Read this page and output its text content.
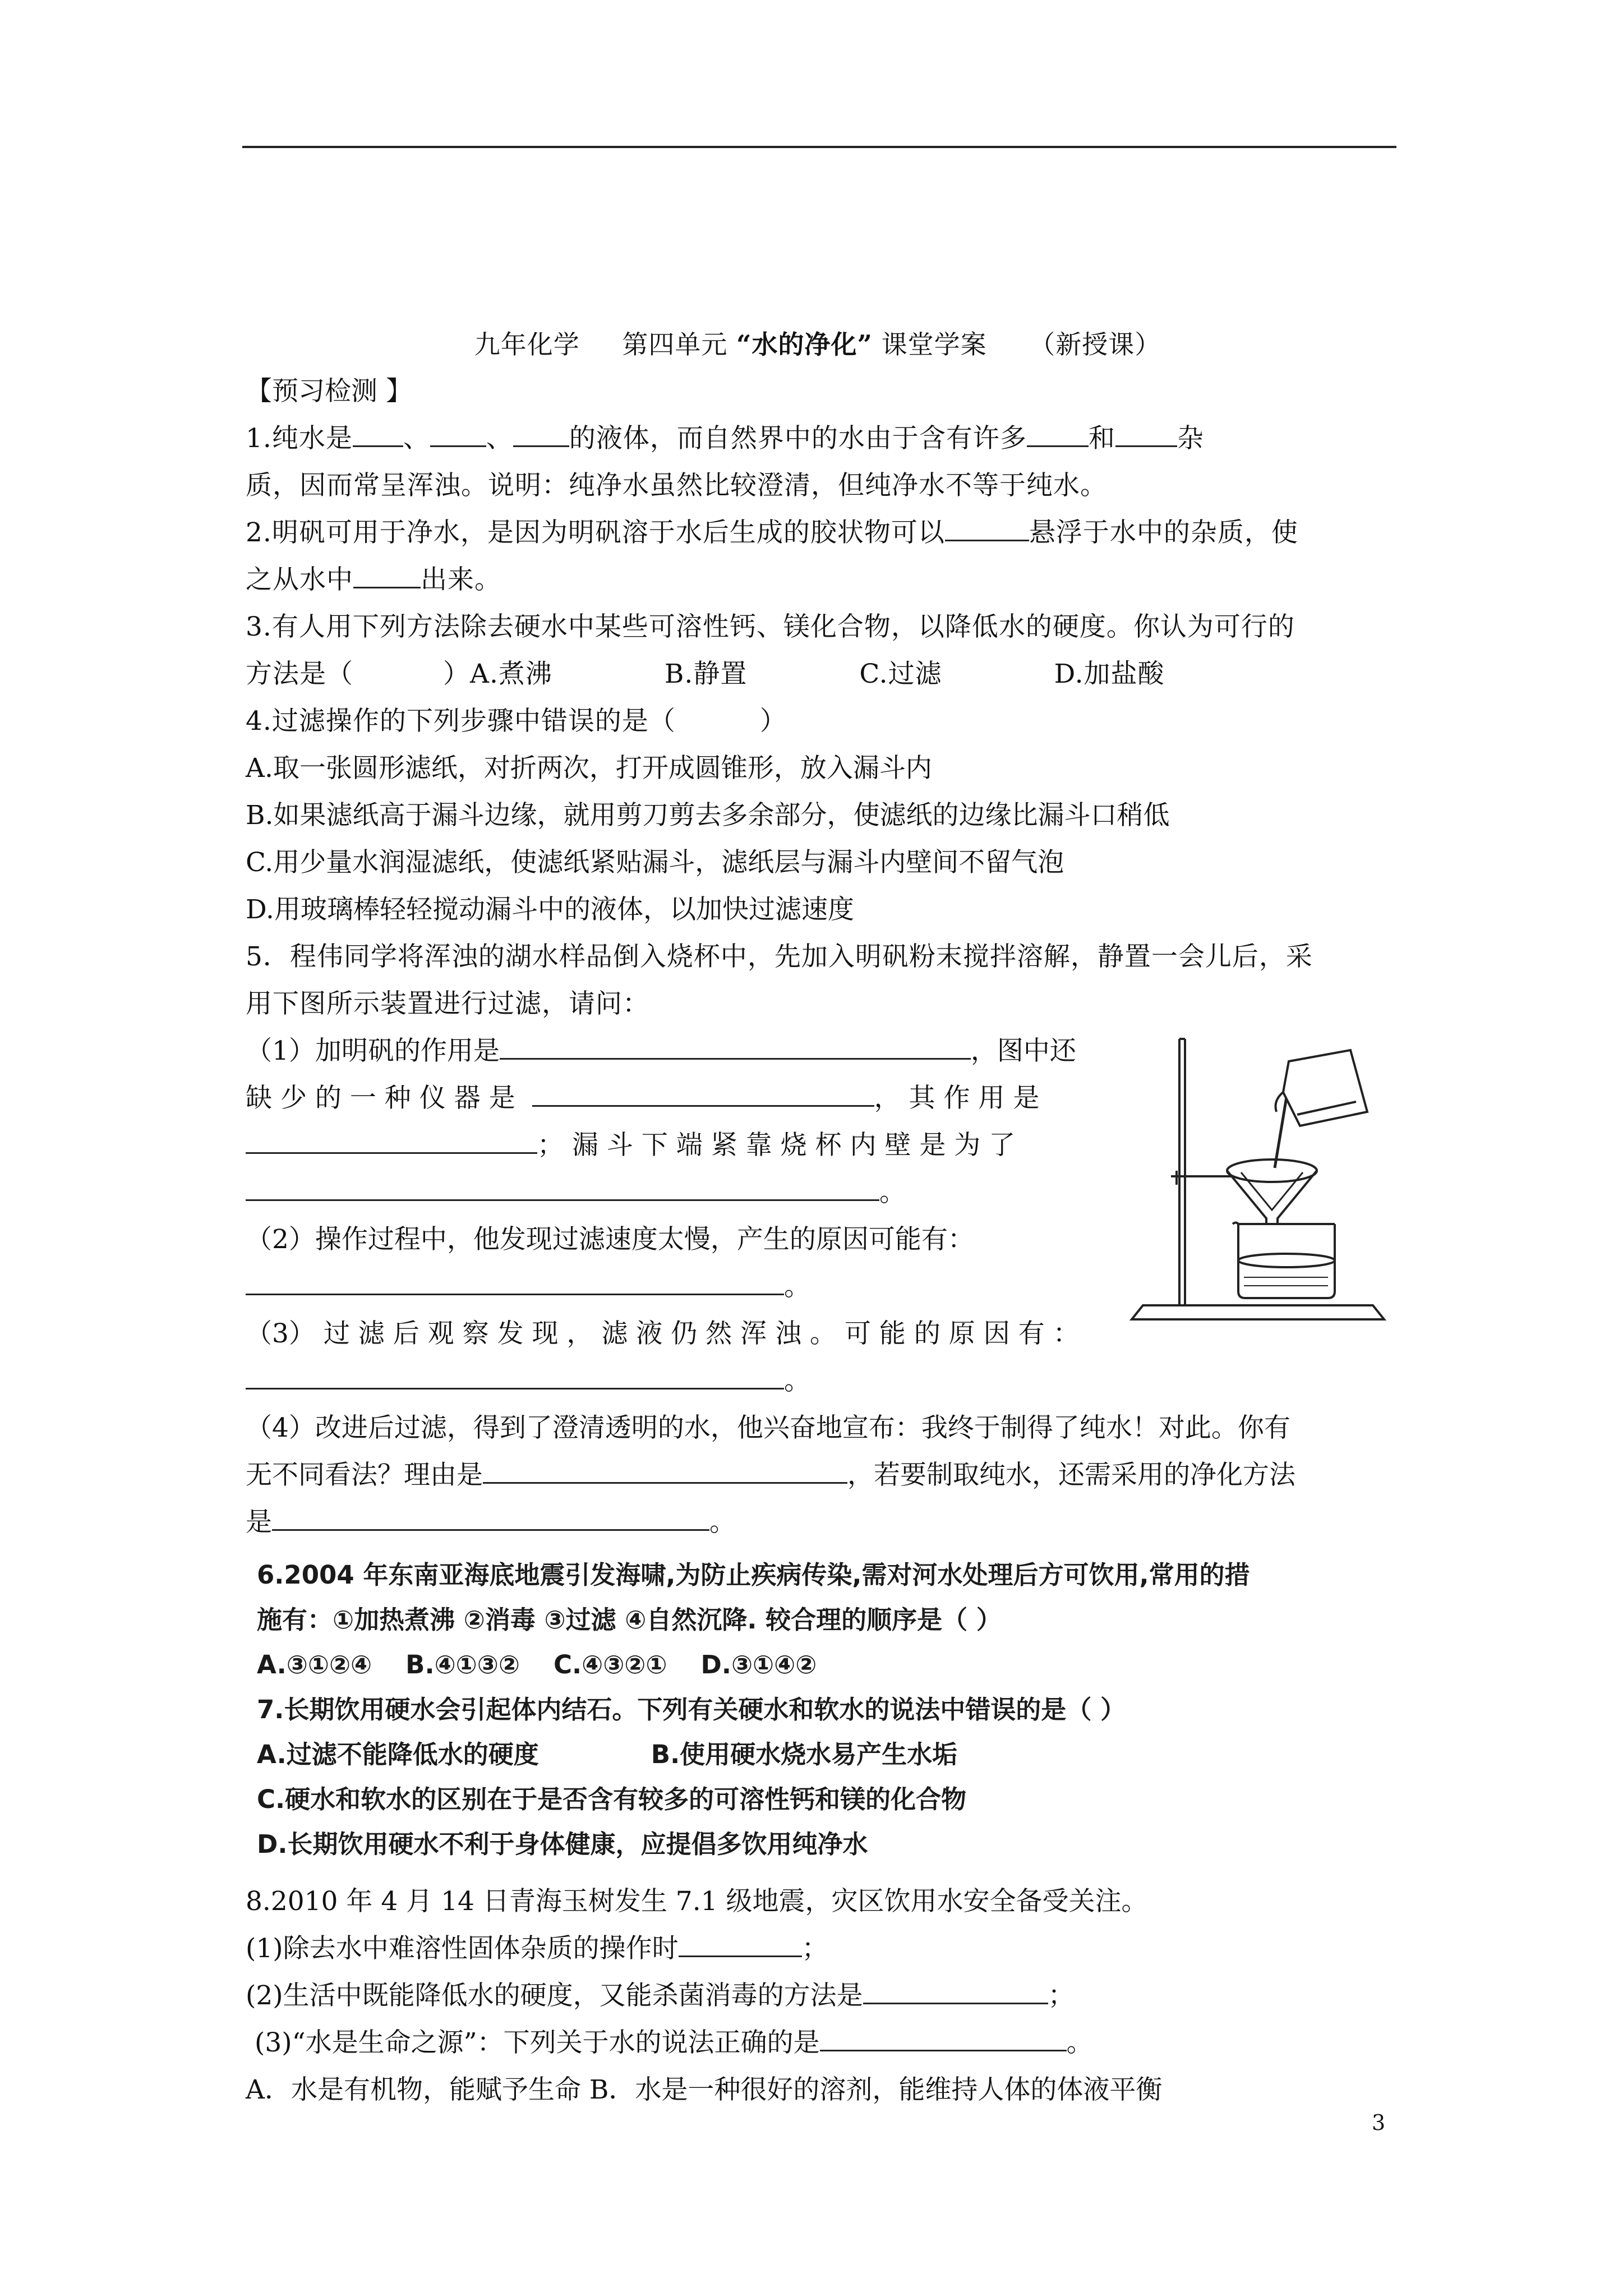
九年化学 第四单元 “水的净化” 课堂学案 （新授课）
【预习检测 】
1.纯水是 、 、 的液体，而自然界中的水由于含有许多 和 杂
质，因而常呈浑浊。说明：纯净水虽然比较澄清，但纯净水不等于纯水。
2.明矾可用于净水，是因为明矾溶于水后生成的胶状物可以	悬浮于水中的杂质，使
之从水中	出来。
3.有人用下列方法除去硬水中某些可溶性钙、镁化合物，以降低水的硬度。你认为可行的
方法是（	）A.煮沸	B.静置	C.过滤	D.加盐酸
4.过滤操作的下列步骤中错误的是（	）
A.取一张圆形滤纸，对折两次，打开成圆锥形，放入漏斗内
B.如果滤纸高于漏斗边缘，就用剪刀剪去多余部分，使滤纸的边缘比漏斗口稍低
C.用少量水润湿滤纸，使滤纸紧贴漏斗，滤纸层与漏斗内壁间不留气泡
D.用玻璃棒轻轻搅动漏斗中的液体，以加快过滤速度
5．程伟同学将浑浊的湖水样品倒入烧杯中，先加入明矾粉末搅拌溶解，静置一会儿后，采
用下图所示装置进行过滤，请问：
（1）加明矾的作用是	，图中还
缺 少 的 一 种 仪 器 是	， 其 作 用 是
； 漏 斗 下 端 紧 靠 烧 杯 内 壁 是 为 了
。
（2）操作过程中，他发现过滤速度太慢，产生的原因可能有：
。
（3） 过 滤 后 观 察 发 现 ， 滤 液 仍 然 浑 浊 。 可 能 的 原 因 有 ：
。
（4）改进后过滤，得到了澄清透明的水，他兴奋地宣布：我终于制得了纯水！对此。你有
无不同看法？理由是	，若要制取纯水，还需采用的净化方法
是	。
6.2004 年东南亚海底地震引发海啸,为防止疾病传染,需对河水处理后方可饮用,常用的措
施有：①加热煮沸 ②消毒 ③过滤 ④自然沉降. 较合理的顺序是（ ）
A.③①②④ B.④①③② C.④③②① D.③①④②
7.长期饮用硬水会引起体内结石。下列有关硬水和软水的说法中错误的是（ ）
A.过滤不能降低水的硬度	B.使用硬水烧水易产生水垢
C.硬水和软水的区别在于是否含有较多的可溶性钙和镁的化合物
D.长期饮用硬水不利于身体健康，应提倡多饮用纯净水
8.2010 年 4 月 14 日青海玉树发生 7.1 级地震，灾区饮用水安全备受关注。
(1)除去水中难溶性固体杂质的操作时	；
(2)生活中既能降低水的硬度，又能杀菌消毒的方法是	；
(3)“水是生命之源”：下列关于水的说法正确的是	。
A．水是有机物，能赋予生命 B．水是一种很好的溶剂，能维持人体的体液平衡
3
